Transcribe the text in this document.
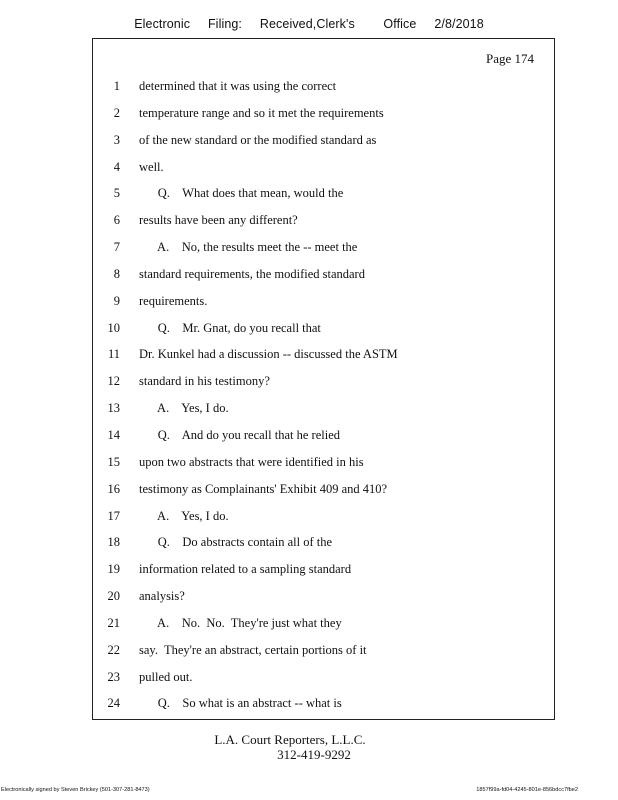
Electronic     Filing:     Received,Clerk's        Office     2/8/2018
Page 174
1 determined that it was using the correct
2 temperature range and so it met the requirements
3 of the new standard or the modified standard as
4 well.
5 Q.    What does that mean, would the
6 results have been any different?
7 A.    No, the results meet the -- meet the
8 standard requirements, the modified standard
9 requirements.
10 Q.    Mr. Gnat, do you recall that
11 Dr. Kunkel had a discussion -- discussed the ASTM
12 standard in his testimony?
13 A.    Yes, I do.
14 Q.    And do you recall that he relied
15 upon two abstracts that were identified in his
16 testimony as Complainants' Exhibit 409 and 410?
17 A.    Yes, I do.
18 Q.    Do abstracts contain all of the
19 information related to a sampling standard
20 analysis?
21 A.    No.  No.  They're just what they
22 say.  They're an abstract, certain portions of it
23 pulled out.
24 Q.    So what is an abstract -- what is
L.A. Court Reporters, L.L.C.
312-419-9292
Electronically signed by Steven Brickey (501-307-281-8473)	1857f99a-fd04-4245-801e-856bdcc7fbe2
